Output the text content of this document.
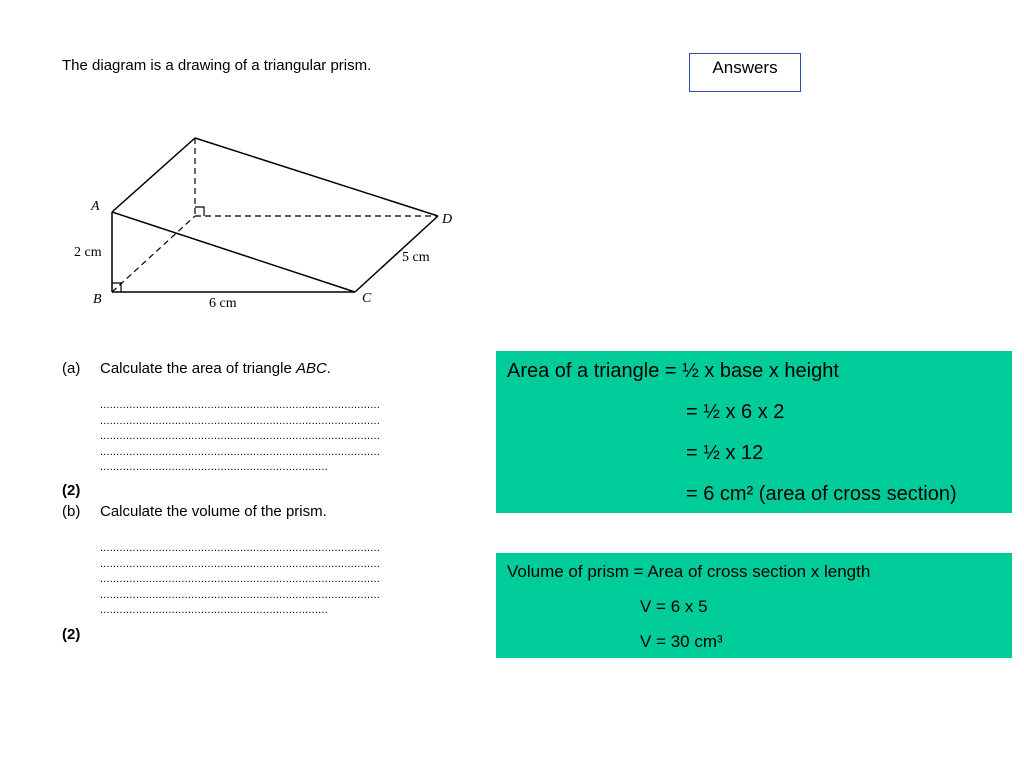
The diagram is a drawing of a triangular prism.	Answers
A
B	C
D
2 cm	5 cm
6 cm
(a) Calculate the area of triangle ABC.
......................................................................................
......................................................................................
......................................................................................
......................................................................................
......................................................................
(2)
(b) Calculate the volume of the prism.
......................................................................................
......................................................................................
......................................................................................
......................................................................................
......................................................................
(2)
Area of a triangle = ½ x base x height
= ½ x 6 x 2
= ½ x 12
= 6 cm² (area of cross section)
Volume of prism = Area of cross section x length
V = 6 x 5
V = 30 cm³
